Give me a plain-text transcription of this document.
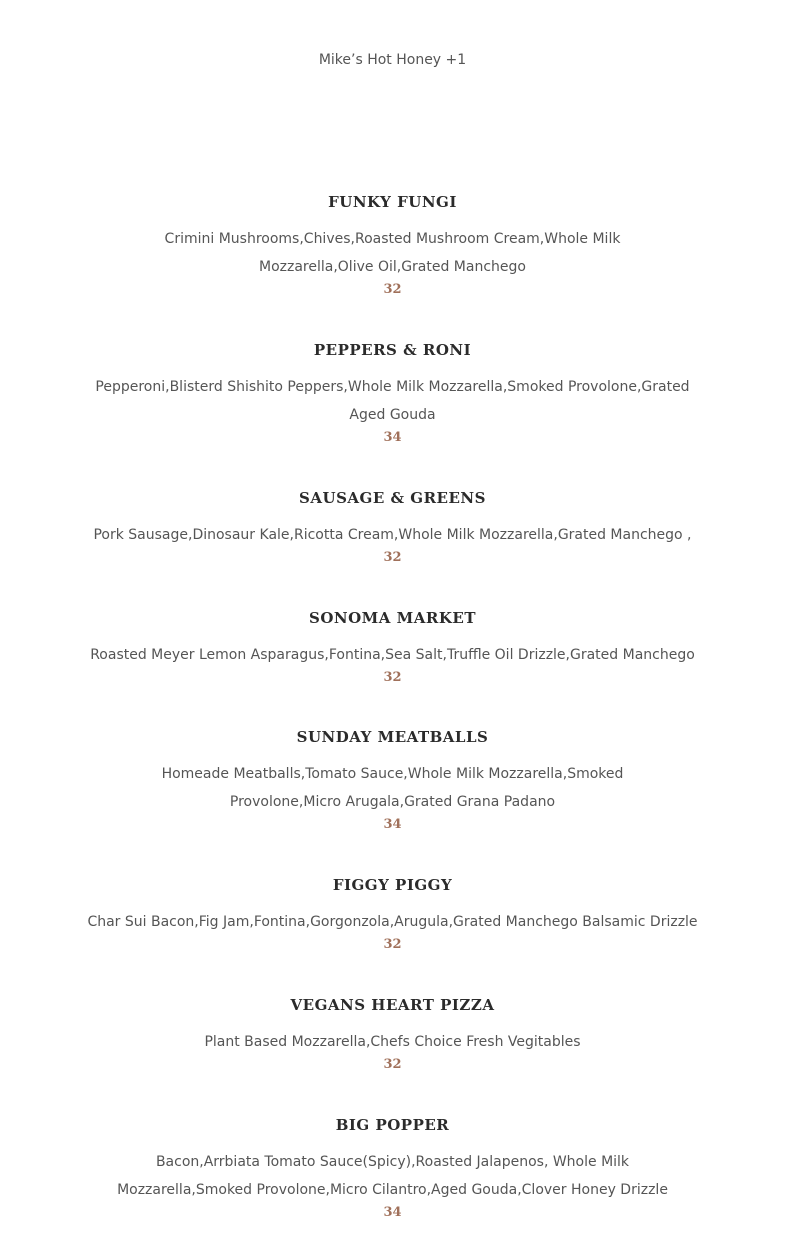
Mike’s Hot Honey +1
FUNKY FUNGI

Crimini Mushrooms,Chives,Roasted Mushroom Cream,Whole Milk Mozzarella,Olive Oil,Grated Manchego

32

PEPPERS & RONI

Pepperoni,Blisterd Shishito Peppers,Whole Milk Mozzarella,Smoked Provolone,Grated Aged Gouda

34

SAUSAGE & GREENS

Pork Sausage,Dinosaur Kale,Ricotta Cream,Whole Milk Mozzarella,Grated Manchego ,

32

SONOMA MARKET

Roasted Meyer Lemon Asparagus,Fontina,Sea Salt,Truffle Oil Drizzle,Grated Manchego

32

SUNDAY MEATBALLS

Homeade Meatballs,Tomato Sauce,Whole Milk Mozzarella,Smoked Provolone,Micro Arugala,Grated Grana Padano

34

FIGGY PIGGY

Char Sui Bacon,Fig Jam,Fontina,Gorgonzola,Arugula,Grated Manchego Balsamic Drizzle

32

VEGANS HEART PIZZA

Plant Based Mozzarella,Chefs Choice Fresh Vegitables

32

BIG POPPER

Bacon,Arrbiata Tomato Sauce(Spicy),Roasted Jalapenos, Whole Milk Mozzarella,Smoked Provolone,Micro Cilantro,Aged Gouda,Clover Honey Drizzle

34
